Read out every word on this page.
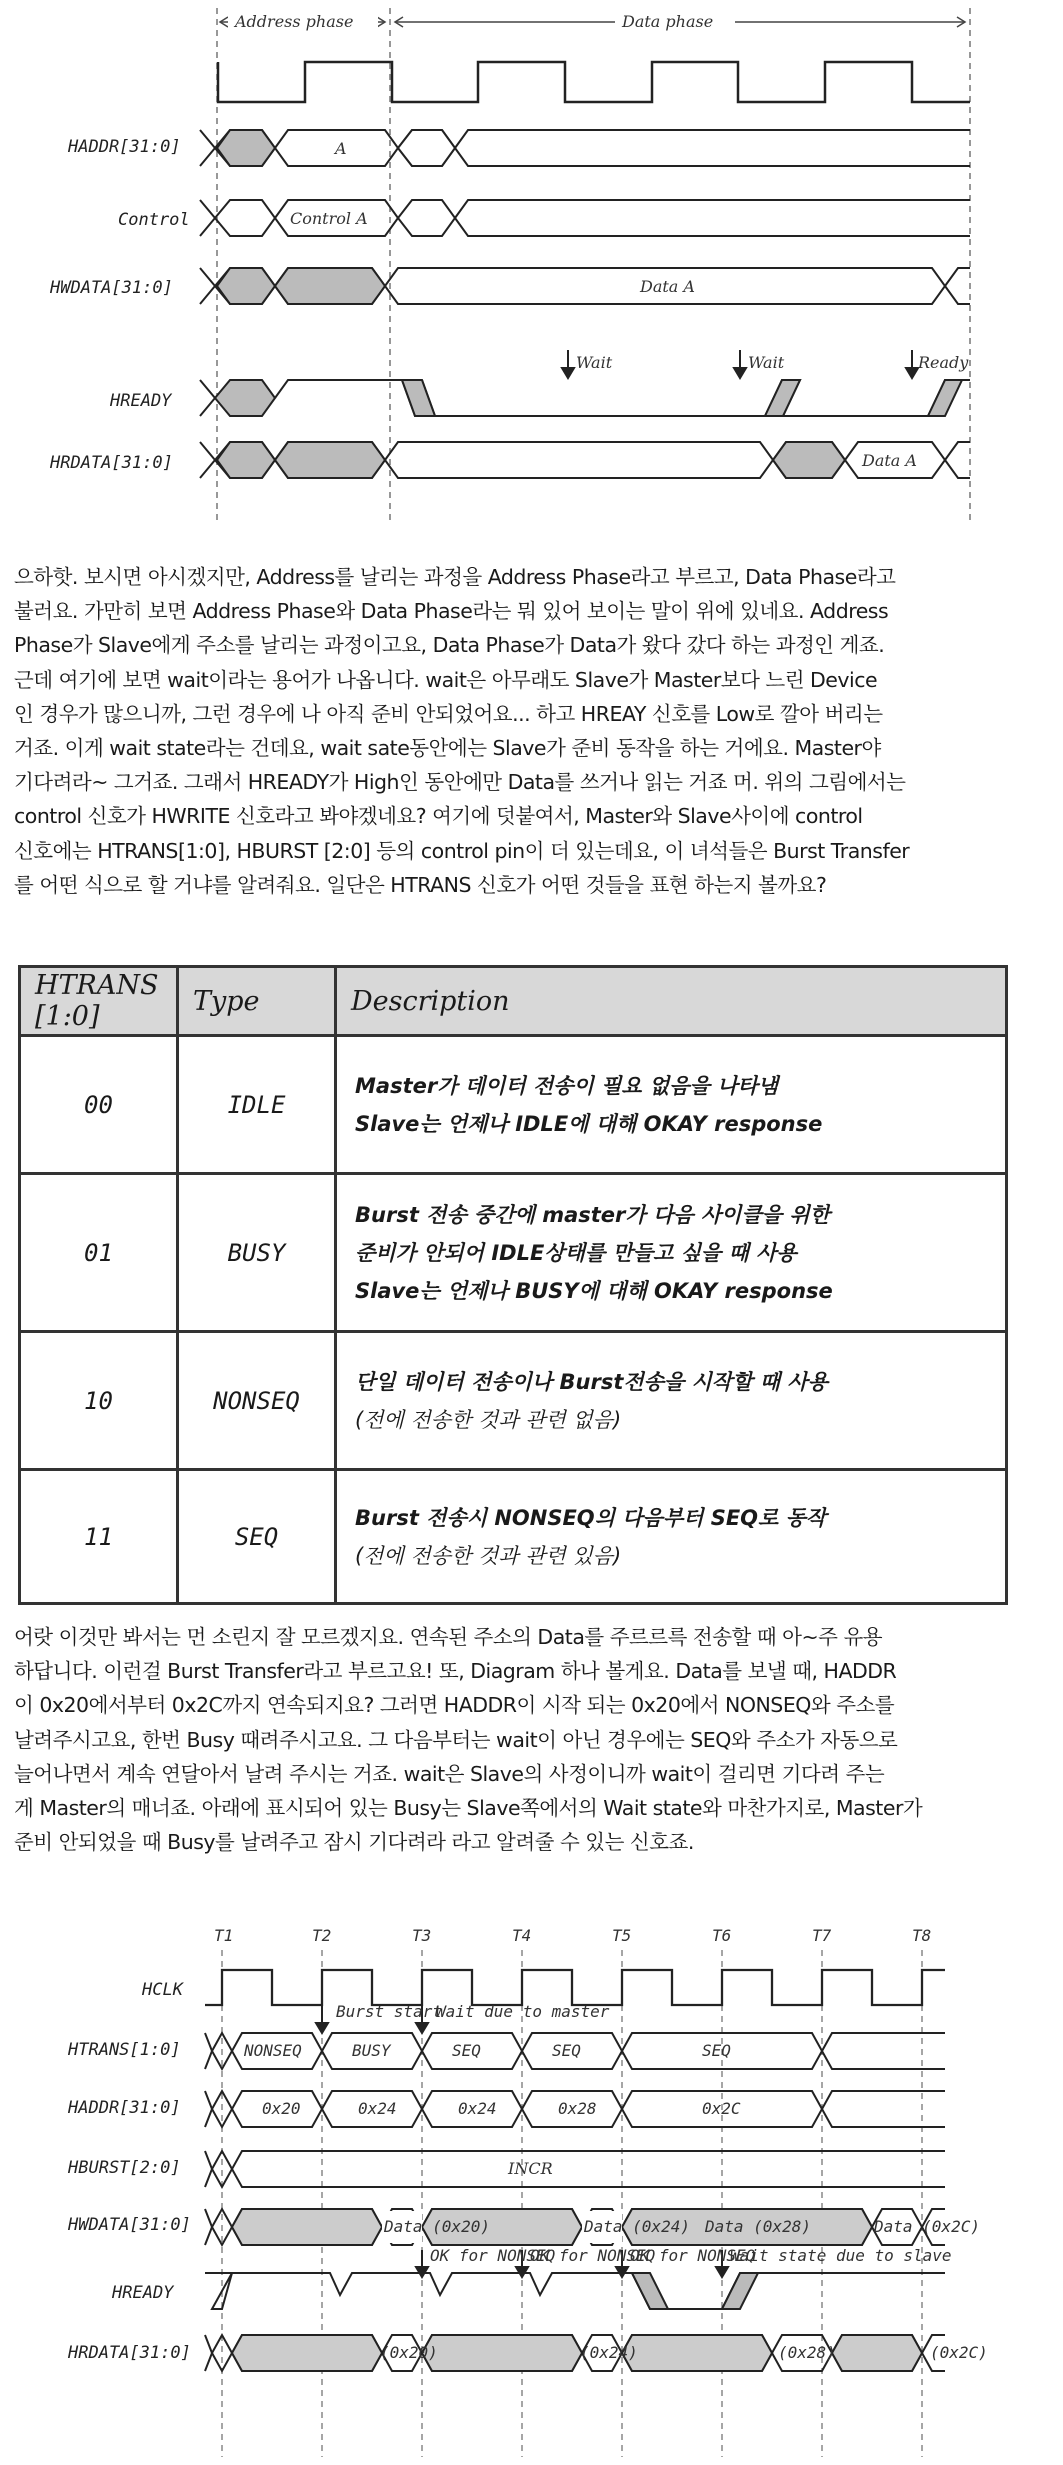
Address phase	Data phase
HADDR[31:0]
Control
HWDATA[31:0]
HREADY
HRDATA[31:0]
A
Control A
Data A
Wait	Wait	Ready
Data A

으하핫. 보시면 아시겠지만, Address를 날리는 과정을 Address Phase라고 부르고, Data Phase라고
불러요. 가만히 보면 Address Phase와 Data Phase라는 뭐 있어 보이는 말이 위에 있네요. Address
Phase가 Slave에게 주소를 날리는 과정이고요, Data Phase가 Data가 왔다 갔다 하는 과정인 게죠.
근데 여기에 보면 wait이라는 용어가 나옵니다. wait은 아무래도 Slave가 Master보다 느린 Device
인 경우가 많으니까, 그런 경우에 나 아직 준비 안되었어요... 하고 HREAY 신호를 Low로 깔아 버리는
거죠. 이게 wait state라는 건데요, wait sate동안에는 Slave가 준비 동작을 하는 거에요. Master야
기다려라~ 그거죠. 그래서 HREADY가 High인 동안에만 Data를 쓰거나 읽는 거죠 머. 위의 그림에서는
control 신호가 HWRITE 신호라고 봐야겠네요? 여기에 덧붙여서, Master와 Slave사이에 control
신호에는 HTRANS[1:0], HBURST [2:0] 등의 control pin이 더 있는데요, 이 녀석들은 Burst Transfer
를 어떤 식으로 할 거냐를 알려줘요. 일단은 HTRANS 신호가 어떤 것들을 표현 하는지 볼까요?

HTRANS [1:0]	Type	Description
00	IDLE	Master가 데이터 전송이 필요 없음을 나타냄
Slave는 언제나 IDLE에 대해 OKAY response

01	BUSY	Burst 전송 중간에 master가 다음 사이클을 위한
준비가 안되어 IDLE상태를 만들고 싶을 때 사용
Slave는 언제나 BUSY에 대해 OKAY response

10	NONSEQ	단일 데이터 전송이나 Burst전송을 시작할 때 사용
(전에 전송한 것과 관련 없음)

11	SEQ	Burst 전송시 NONSEQ의 다음부터 SEQ로 동작
(전에 전송한 것과 관련 있음)

어랏 이것만 봐서는 먼 소린지 잘 모르겠지요. 연속된 주소의 Data를 주르르륵 전송할 때 아~주 유용
하답니다. 이런걸 Burst Transfer라고 부르고요! 또, Diagram 하나 볼게요. Data를 보낼 때, HADDR
이 0x20에서부터 0x2C까지 연속되지요? 그러면 HADDR이 시작 되는 0x20에서 NONSEQ와 주소를
날려주시고요, 한번 Busy 때려주시고요. 그 다음부터는 wait이 아닌 경우에는 SEQ와 주소가 자동으로
늘어나면서 계속 연달아서 날려 주시는 거죠. wait은 Slave의 사정이니까 wait이 걸리면 기다려 주는
게 Master의 매너죠. 아래에 표시되어 있는 Busy는 Slave쪽에서의 Wait state와 마찬가지로, Master가
준비 안되었을 때 Busy를 날려주고 잠시 기다려라 라고 알려줄 수 있는 신호죠.

T1	T2	T3	T4	T5	T6	T7	T8
HCLK
HTRANS[1:0]
HADDR[31:0]
HBURST[2:0]
HWDATA[31:0]
HREADY
HRDATA[31:0]
Burst start
Wait due to master
NONSEQ	BUSY	SEQ	SEQ	SEQ
0x20	0x24	0x24	0x28	0x2C
INCR
Data (0x20)	Data (0x24) Data (0x28)	Data (0x2C)
OK for NONSEQ
OK for NONSEQ
OK for NONSEQ
Wait state due to slave
(0x20)	(0x24)	(0x28)	(0x2C)
